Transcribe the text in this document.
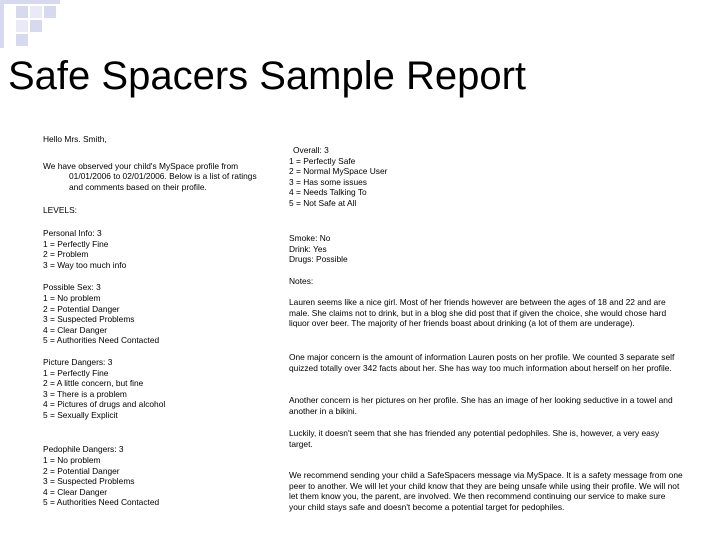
Safe Spacers Sample Report

Hello Mrs. Smith,

We have observed your child's MySpace profile from

01/01/2006 to 02/01/2006. Below is a list of ratings

and comments based on their profile.

LEVELS:

Personal Info: 3

1 = Perfectly Fine

2 = Problem

3 = Way too much info

Possible Sex: 3

1 = No problem

2 = Potential Danger

3 = Suspected Problems

4 = Clear Danger

5 = Authorities Need Contacted

Picture Dangers: 3

1 = Perfectly Fine

2 = A little concern, but fine

3 = There is a problem

4 = Pictures of drugs and alcohol

5 = Sexually Explicit

Pedophile Dangers: 3

1 = No problem

2 = Potential Danger

3 = Suspected Problems

4 = Clear Danger

5 = Authorities Need Contacted

Overall: 3

1 = Perfectly Safe

2 = Normal MySpace User

3 = Has some issues

4 = Needs Talking To

5 = Not Safe at All

Smoke: No

Drink: Yes

Drugs: Possible

Notes:

Lauren seems like a nice girl. Most of her friends however are between the ages of 18 and 22 and are male. She claims not to drink, but in a blog she did post that if given the choice, she would chose hard liquor over beer. The majority of her friends boast about drinking (a lot of them are underage).

One major concern is the amount of information Lauren posts on her profile. We counted 3 separate self quizzed totally over 342 facts about her. She has way too much information about herself on her profile.

Another concern is her pictures on her profile. She has an image of her looking seductive in a towel and another in a bikini.

Luckily, it doesn't seem that she has friended any potential pedophiles. She is, however, a very easy target.

We recommend sending your child a SafeSpacers message via MySpace. It is a safety message from one peer to another. We will let your child know that they are being unsafe while using their profile. We will not let them know you, the parent, are involved. We then recommend continuing our service to make sure your child stays safe and doesn't become a potential target for pedophiles.
